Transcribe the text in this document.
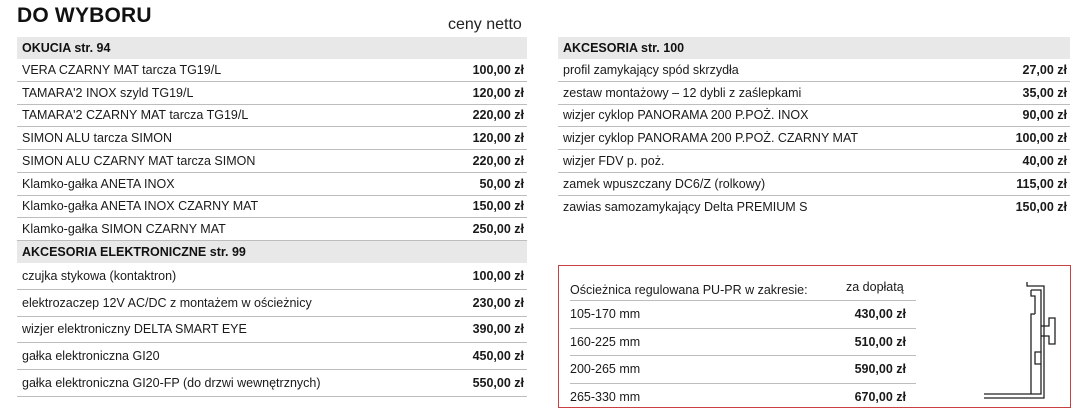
DO WYBORU	ceny netto
OKUCIA str. 94
VERA CZARNY MAT tarcza TG19/L	100,00 zł
TAMARA'2 INOX szyld TG19/L	120,00 zł
TAMARA'2 CZARNY MAT tarcza TG19/L	220,00 zł
SIMON ALU tarcza SIMON	120,00 zł
SIMON ALU CZARNY MAT tarcza SIMON	220,00 zł
Klamko-gałka ANETA INOX	50,00 zł
Klamko-gałka ANETA INOX CZARNY MAT	150,00 zł
Klamko-gałka SIMON CZARNY MAT	250,00 zł
AKCESORIA ELEKTRONICZNE str. 99
czujka stykowa (kontaktron)	100,00 zł
elektrozaczep 12V AC/DC z montażem w ościeżnicy	230,00 zł
wizjer elektroniczny DELTA SMART EYE	390,00 zł
gałka elektroniczna GI20	450,00 zł
gałka elektroniczna GI20-FP (do drzwi wewnętrznych)	550,00 zł
AKCESORIA str. 100
profil zamykający spód skrzydła	27,00 zł
zestaw montażowy – 12 dybli z zaślepkami	35,00 zł
wizjer cyklop PANORAMA 200 P.POŻ. INOX	90,00 zł
wizjer cyklop PANORAMA 200 P.POŻ. CZARNY MAT	100,00 zł
wizjer FDV p. poż.	40,00 zł
zamek wpuszczany DC6/Z (rolkowy)	115,00 zł
zawias samozamykający Delta PREMIUM S	150,00 zł
Ościeżnica regulowana PU-PR w zakresie:	za dopłatą
105-170 mm	430,00 zł
160-225 mm	510,00 zł
200-265 mm	590,00 zł
265-330 mm	670,00 zł
